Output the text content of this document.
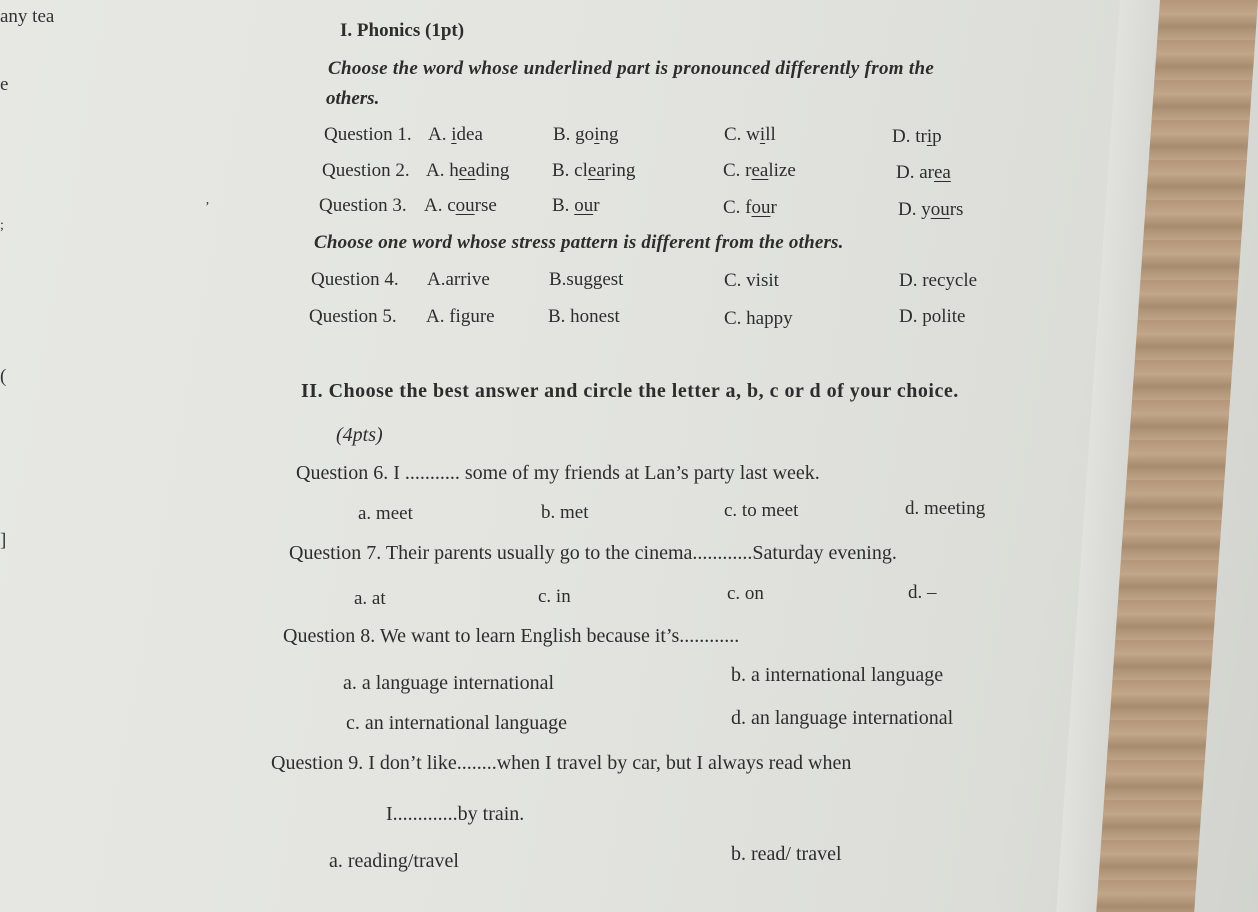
any tea
e
’
;
(
]
I. Phonics (1pt)
Choose the word whose underlined part is pronounced differently from the
others.
Question 1. A. idea	B. going	C. will	D. trip
Question 2. A. heading B. clearing	C. realize	D. area
Question 3. A. course	B. our	C. four	D. yours
Choose one word whose stress pattern is different from the others.
Question 4. A.arrive	B.suggest	C. visit	D. recycle
Question 5. A. figure	B. honest	C. happy	D. polite
II. Choose the best answer and circle the letter a, b, c or d of your choice.
(4pts)
Question 6. I ........... some of my friends at Lan’s party last week.
a. meet	b. met	c. to meet	d. meeting
Question 7. Their parents usually go to the cinema............Saturday evening.
a. at	c. in	c. on	d. –
Question 8. We want to learn English because it’s............
a. a language international	b. a international language
c. an international language	d. an language international
Question 9. I don’t like........when I travel by car, but I always read when
I.............by train.
a. reading/travel	b. read/ travel
